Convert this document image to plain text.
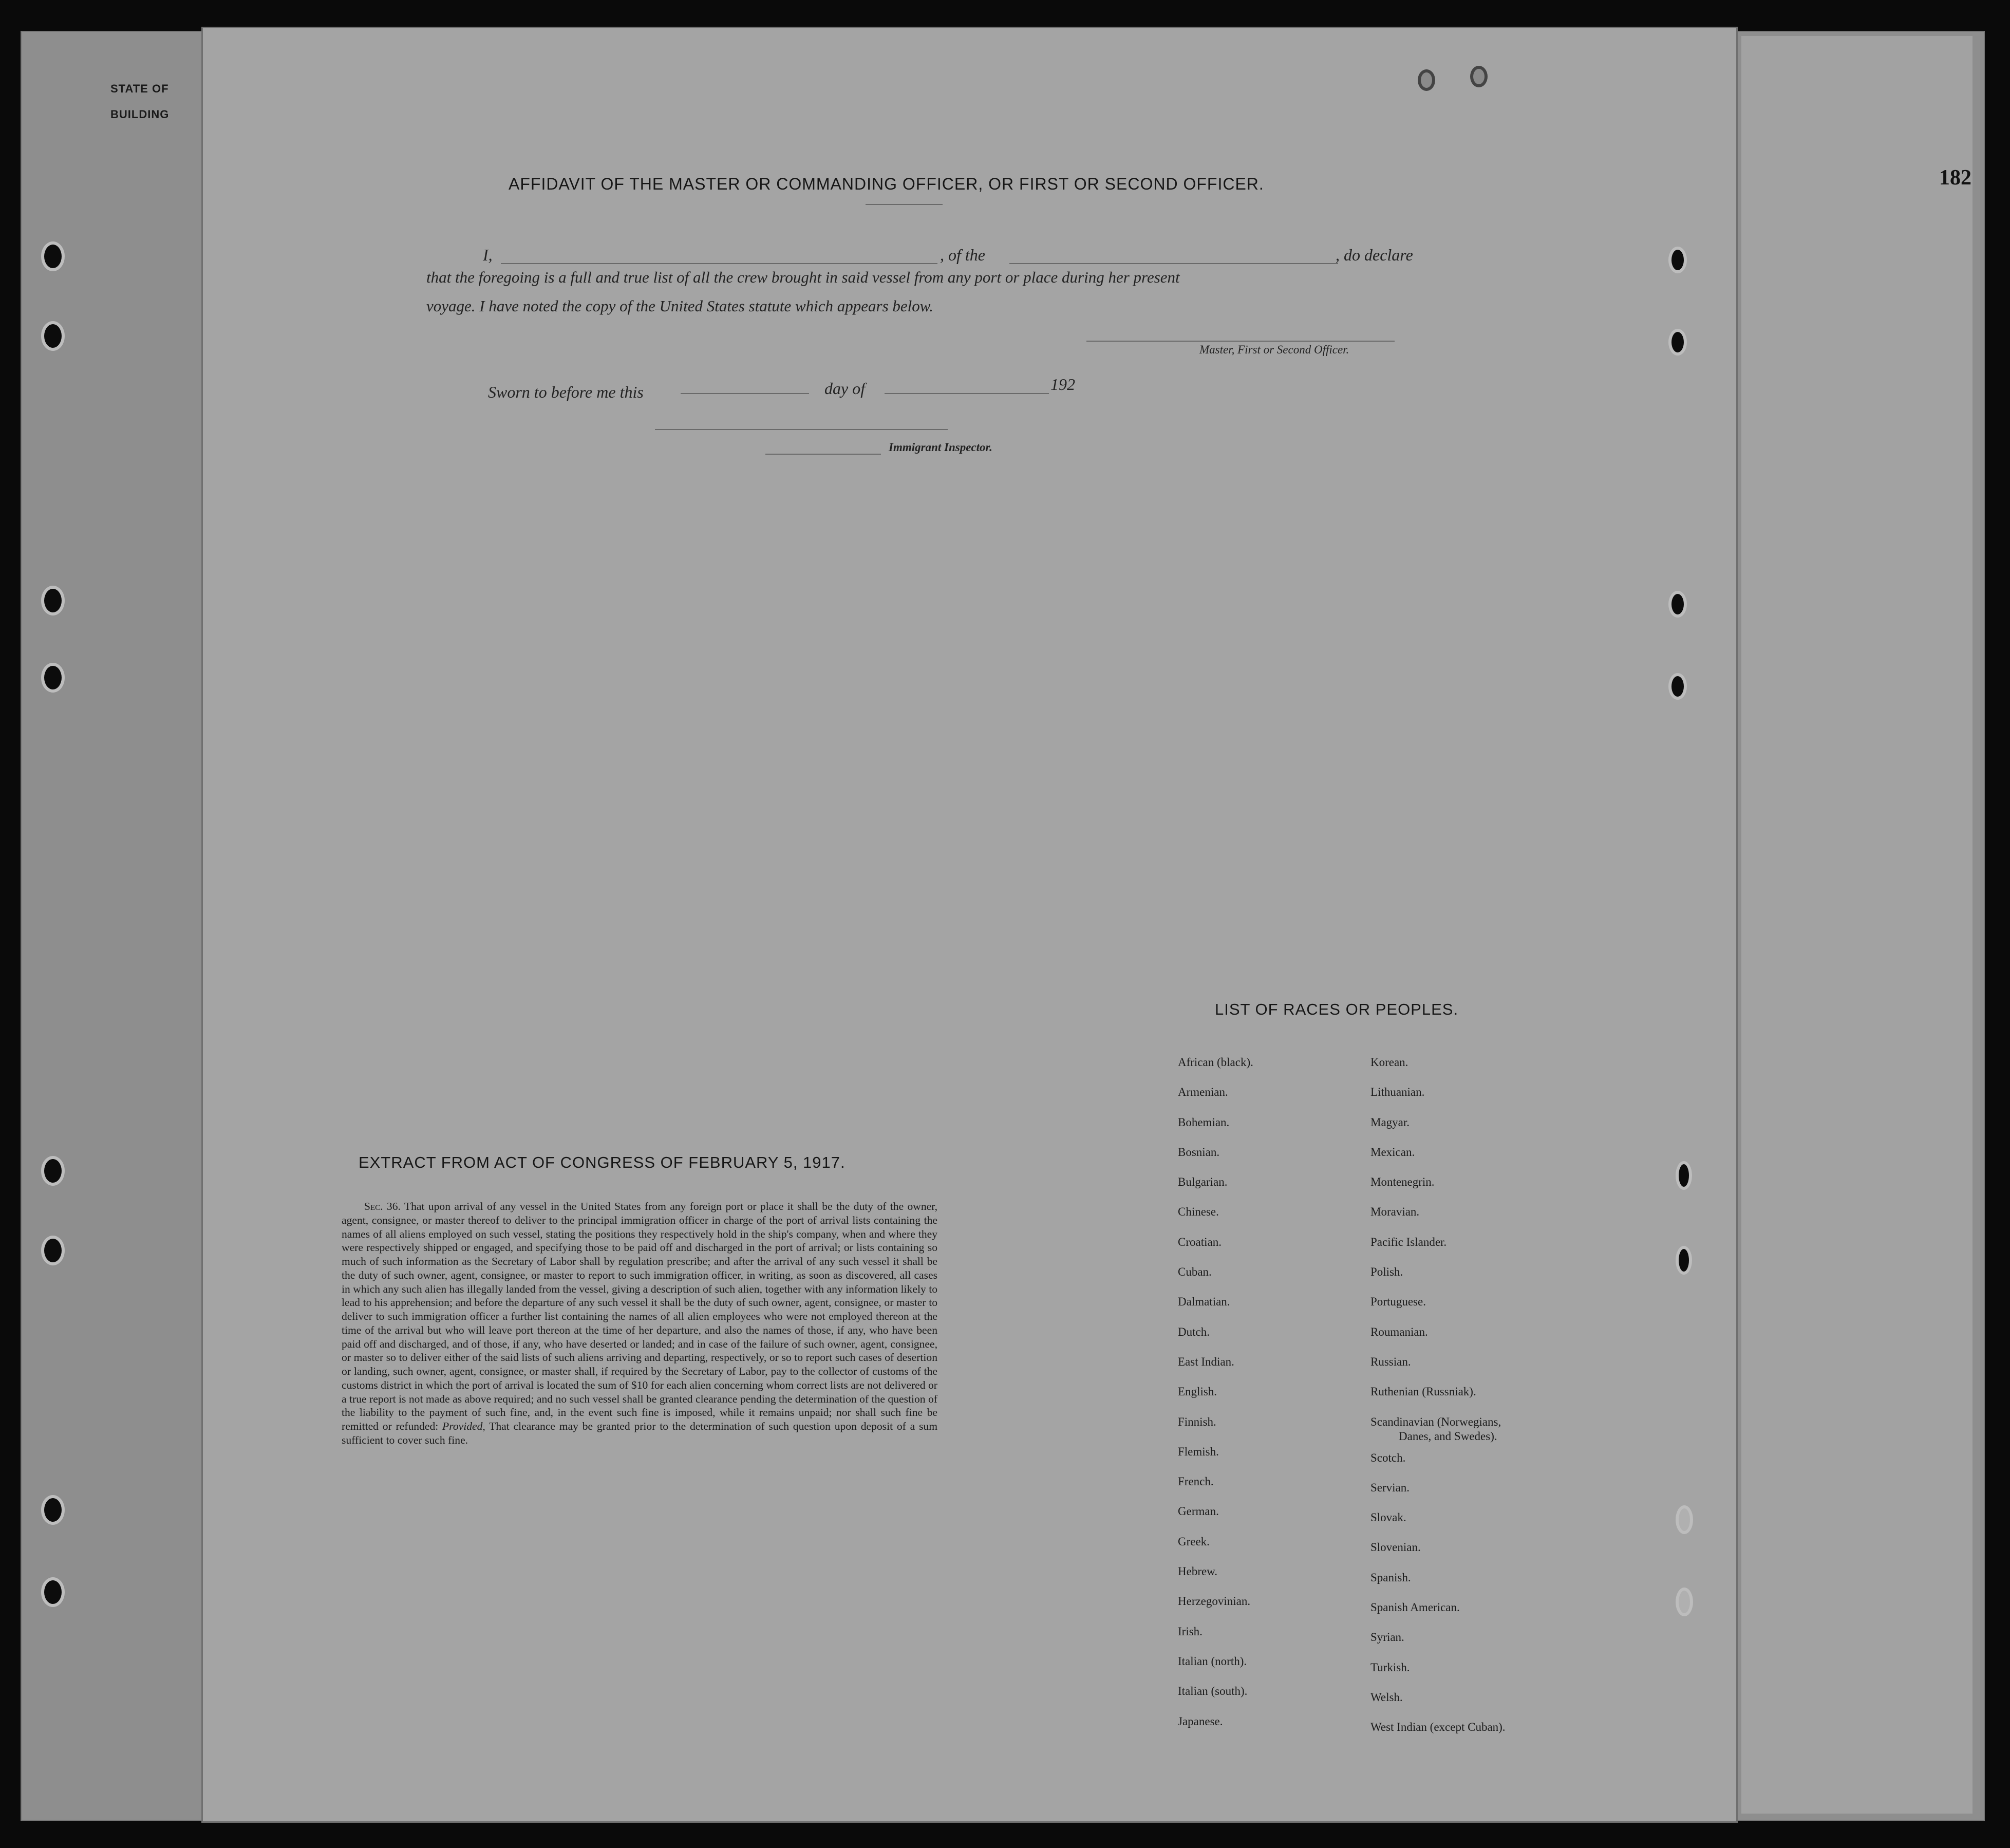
STATE OF
BUILDING
182
AFFIDAVIT OF THE MASTER OR COMMANDING OFFICER, OR FIRST OR SECOND OFFICER.
I,	, of the	, do declare
that the foregoing is a full and true list of all the crew brought in said vessel from any port or place during her present
voyage. I have noted the copy of the United States statute which appears below.
Master, First or Second Officer.
Sworn to before me this	day of	192
Immigrant Inspector.
EXTRACT FROM ACT OF CONGRESS OF FEBRUARY 5, 1917.
Sec. 36. That upon arrival of any vessel in the United States from any foreign port or place it shall be the duty of the owner, agent, consignee, or master thereof to deliver to the principal immigration officer in charge of the port of arrival lists containing the names of all aliens employed on such vessel, stating the positions they respectively hold in the ship's company, when and where they were respectively shipped or engaged, and specifying those to be paid off and discharged in the port of arrival; or lists containing so much of such information as the Secretary of Labor shall by regulation prescribe; and after the arrival of any such vessel it shall be the duty of such owner, agent, consignee, or master to report to such immigration officer, in writing, as soon as discovered, all cases in which any such alien has illegally landed from the vessel, giving a description of such alien, together with any information likely to lead to his apprehension; and before the departure of any such vessel it shall be the duty of such owner, agent, consignee, or master to deliver to such immigration officer a further list containing the names of all alien employees who were not employed thereon at the time of the arrival but who will leave port thereon at the time of her departure, and also the names of those, if any, who have been paid off and discharged, and of those, if any, who have deserted or landed; and in case of the failure of such owner, agent, consignee, or master so to deliver either of the said lists of such aliens arriving and departing, respectively, or so to report such cases of desertion or landing, such owner, agent, consignee, or master shall, if required by the Secretary of Labor, pay to the collector of customs of the customs district in which the port of arrival is located the sum of $10 for each alien concerning whom correct lists are not delivered or a true report is not made as above required; and no such vessel shall be granted clearance pending the determination of the question of the liability to the payment of such fine, and, in the event such fine is imposed, while it remains unpaid; nor shall such fine be remitted or refunded: Provided, That clearance may be granted prior to the determination of such question upon deposit of a sum sufficient to cover such fine.
LIST OF RACES OR PEOPLES.
African (black).
Armenian.
Bohemian.
Bosnian.
Bulgarian.
Chinese.
Croatian.
Cuban.
Dalmatian.
Dutch.
East Indian.
English.
Finnish.
Flemish.
French.
German.
Greek.
Hebrew.
Herzegovinian.
Irish.
Italian (north).
Italian (south).
Japanese.
Korean.
Lithuanian.
Magyar.
Mexican.
Montenegrin.
Moravian.
Pacific Islander.
Polish.
Portuguese.
Roumanian.
Russian.
Ruthenian (Russniak).
Scandinavian (Norwegians,
Danes, and Swedes).
Scotch.
Servian.
Slovak.
Slovenian.
Spanish.
Spanish American.
Syrian.
Turkish.
Welsh.
West Indian (except Cuban).
